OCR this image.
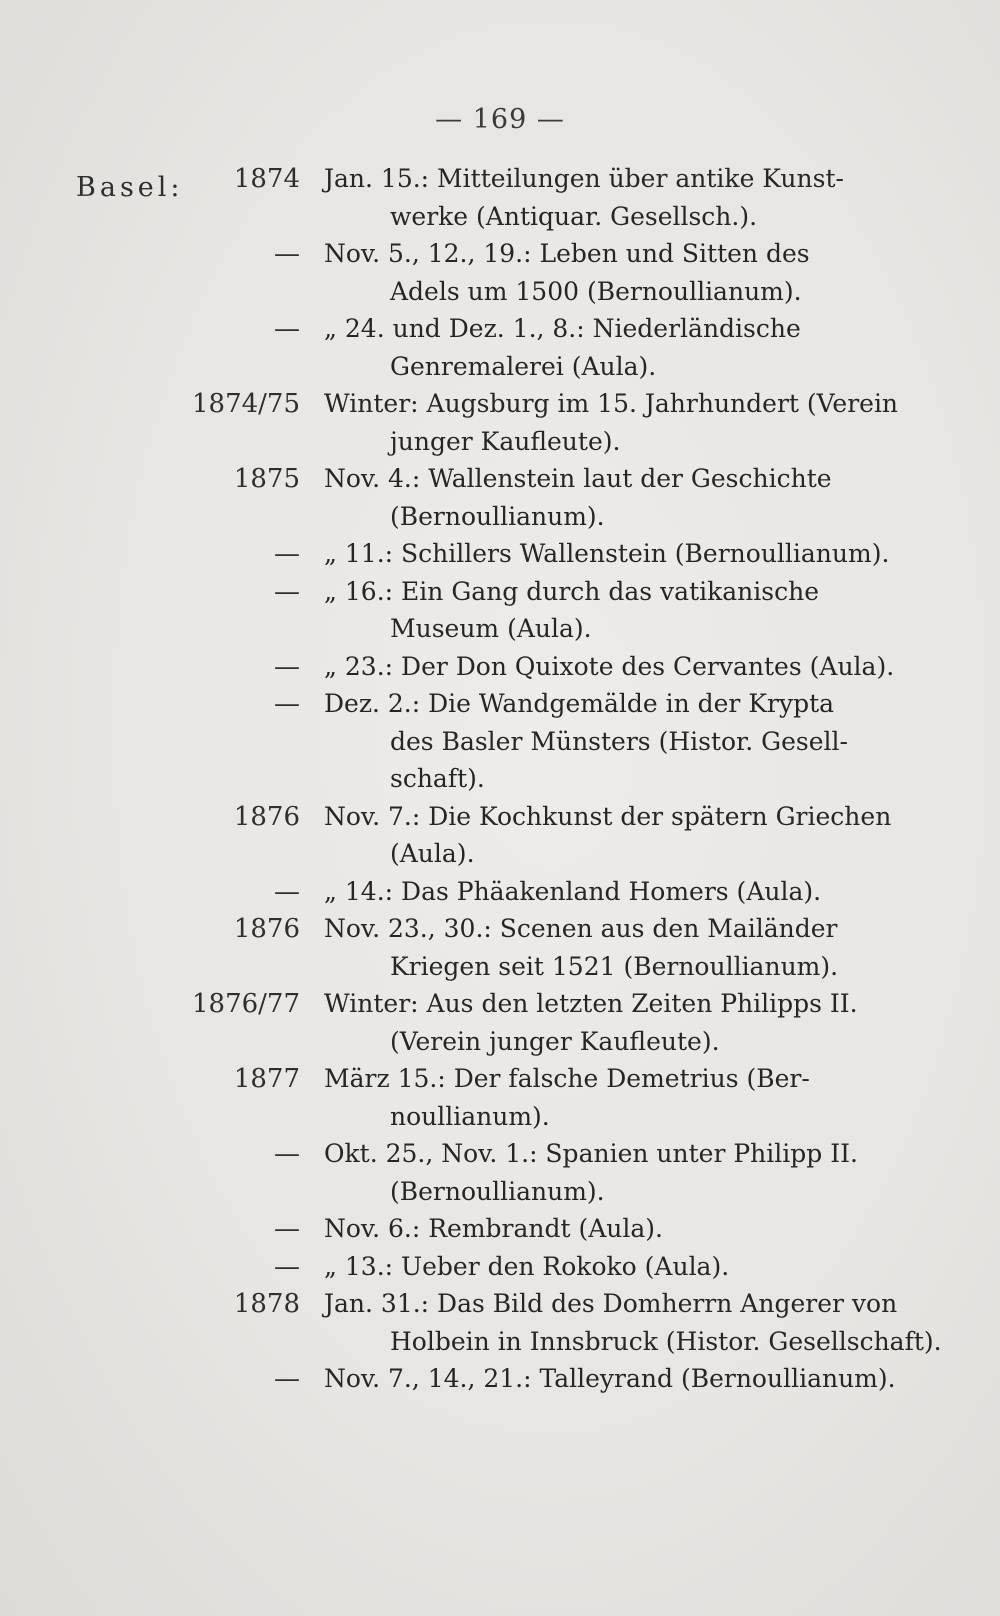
— 169 —
Basel: 1874 Jan. 15.: Mitteilungen über antike Kunst-
werke (Antiquar. Gesellsch.).
— Nov. 5., 12., 19.: Leben und Sitten des
Adels um 1500 (Bernoullianum).
— „ 24. und Dez. 1., 8.: Niederländische
Genremalerei (Aula).
1874/75 Winter: Augsburg im 15. Jahrhundert (Verein
junger Kaufleute).
1875 Nov. 4.: Wallenstein laut der Geschichte
(Bernoullianum).
— „ 11.: Schillers Wallenstein (Bernoullianum).
— „ 16.: Ein Gang durch das vatikanische
Museum (Aula).
— „ 23.: Der Don Quixote des Cervantes (Aula).
— Dez. 2.: Die Wandgemälde in der Krypta
des Basler Münsters (Histor. Gesell-
schaft).
1876 Nov. 7.: Die Kochkunst der spätern Griechen
(Aula).
— „ 14.: Das Phäakenland Homers (Aula).
1876 Nov. 23., 30.: Scenen aus den Mailänder
Kriegen seit 1521 (Bernoullianum).
1876/77 Winter: Aus den letzten Zeiten Philipps II.
(Verein junger Kaufleute).
1877 März 15.: Der falsche Demetrius (Ber-
noullianum).
— Okt. 25., Nov. 1.: Spanien unter Philipp II.
(Bernoullianum).
— Nov. 6.: Rembrandt (Aula).
— „ 13.: Ueber den Rokoko (Aula).
1878 Jan. 31.: Das Bild des Domherrn Angerer von
Holbein in Innsbruck (Histor. Gesellschaft).
— Nov. 7., 14., 21.: Talleyrand (Bernoullianum).
